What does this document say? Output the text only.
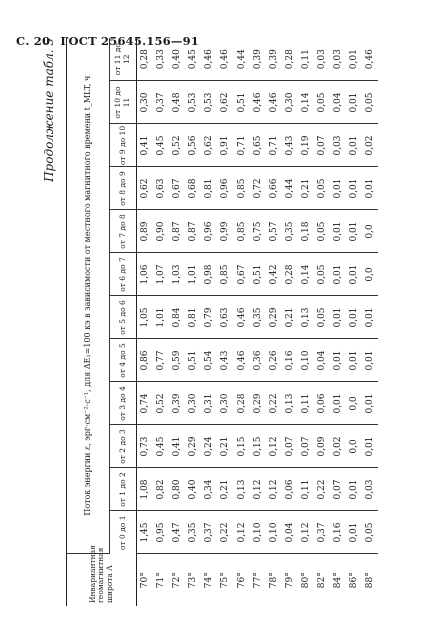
С. 20 ГОСТ 25645.156—91
Продолжение табл. 5
Инвариантная геомагнитная широта Λ	Поток энергии ε, эрг·см⁻²·с⁻¹, для ΔE₁=100 кэ в зависимости от местного магнитного времени t_MLT, ч											
	от 0 до 1	от 1 до 2	от 2 до 3	от 3 до 4	от 4 до 5	от 5 до 6	от 6 до 7	от 7 до 8	от 8 до 9	от 9 до 10	от 10 до 11	от 11 до 12
70°	1,45	1,08	0,73	0,74	0,86	1,05	1,06	0,89	0,62	0,41	0,30	0,28
71°	0,95	0,82	0,45	0,52	0,77	1,01	1,07	0,90	0,63	0,45	0,37	0,33
72°	0,47	0,80	0,41	0,39	0,59	0,84	1,03	0,87	0,67	0,52	0,48	0,40
73°	0,35	0,40	0,29	0,30	0,51	0,81	1,01	0,87	0,68	0,56	0,53	0,45
74°	0,37	0,34	0,24	0,31	0,54	0,79	0,98	0,96	0,81	0,62	0,53	0,46
75°	0,22	0,21	0,21	0,30	0,43	0,63	0,85	0,99	0,96	0,91	0,62	0,46
76°	0,12	0,13	0,15	0,28	0,46	0,46	0,67	0,85	0,85	0,71	0,51	0,44
77°	0,10	0,12	0,15	0,29	0,36	0,35	0,51	0,75	0,72	0,65	0,46	0,39
78°	0,10	0,12	0,12	0,22	0,26	0,29	0,42	0,57	0,66	0,71	0,46	0,39
79°	0,04	0,06	0,07	0,13	0,16	0,21	0,28	0,35	0,44	0,43	0,30	0,28
80°	0,12	0,11	0,07	0,11	0,10	0,13	0,14	0,18	0,21	0,19	0,14	0,11
82°	0,37	0,22	0,09	0,06	0,04	0,05	0,05	0,05	0,05	0,07	0,05	0,03
84°	0,16	0,07	0,02	0,01	0,01	0,01	0,01	0,01	0,01	0,03	0,04	0,03
86°	0,01	0,01	0,0	0,0	0,01	0,01	0,01	0,01	0,01	0,01	0,01	0,01
88°	0,05	0,03	0,01	0,01	0,01	0,01	0,0	0,0	0,01	0,02	0,05	0,46
